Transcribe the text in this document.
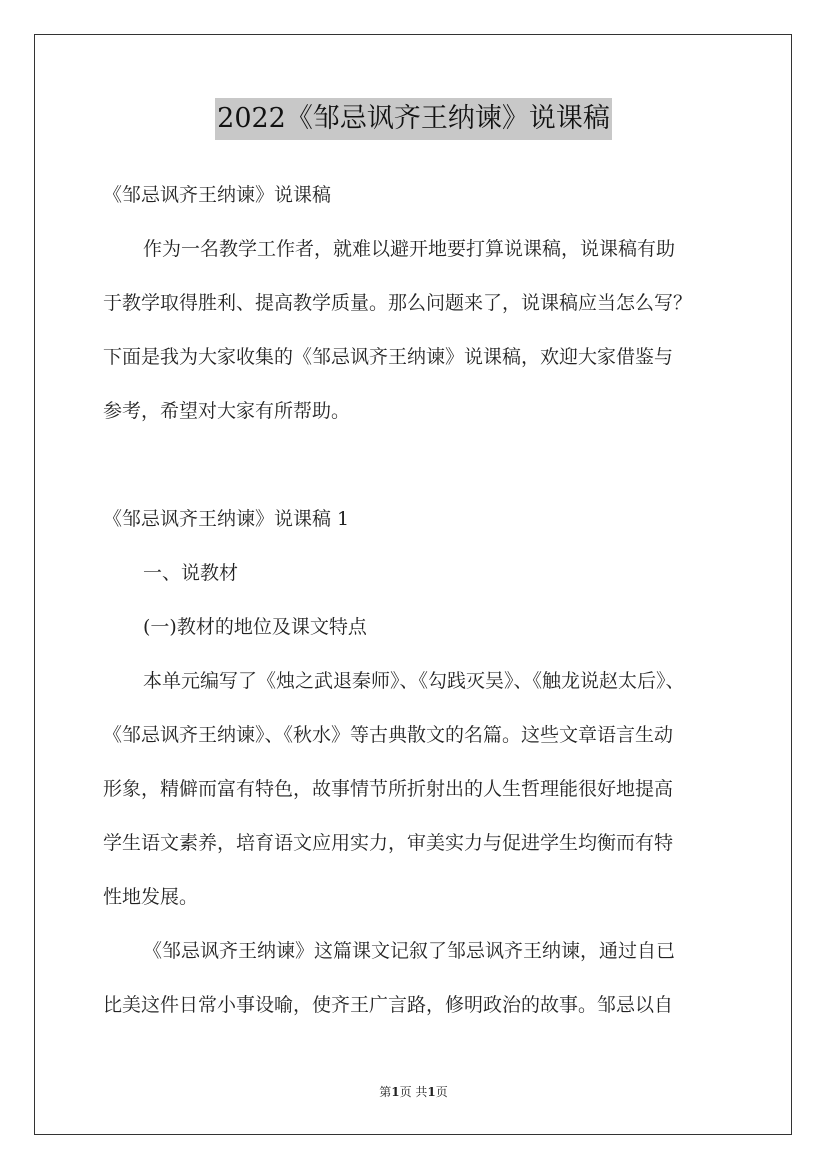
2022《邹忌讽齐王纳谏》说课稿
《邹忌讽齐王纳谏》说课稿
作为一名教学工作者，就难以避开地要打算说课稿，说课稿有助
于教学取得胜利、提高教学质量。那么问题来了，说课稿应当怎么写？
下面是我为大家收集的《邹忌讽齐王纳谏》说课稿，欢迎大家借鉴与
参考，希望对大家有所帮助。
《邹忌讽齐王纳谏》说课稿 1
一、说教材
(一)教材的地位及课文特点
本单元编写了《烛之武退秦师》、《勾践灭吴》、《触龙说赵太后》、
《邹忌讽齐王纳谏》、《秋水》等古典散文的名篇。这些文章语言生动
形象，精僻而富有特色，故事情节所折射出的人生哲理能很好地提高
学生语文素养，培育语文应用实力，审美实力与促进学生均衡而有特
性地发展。
《邹忌讽齐王纳谏》这篇课文记叙了邹忌讽齐王纳谏，通过自已
比美这件日常小事设喻，使齐王广言路，修明政治的故事。邹忌以自
第1页 共1页
